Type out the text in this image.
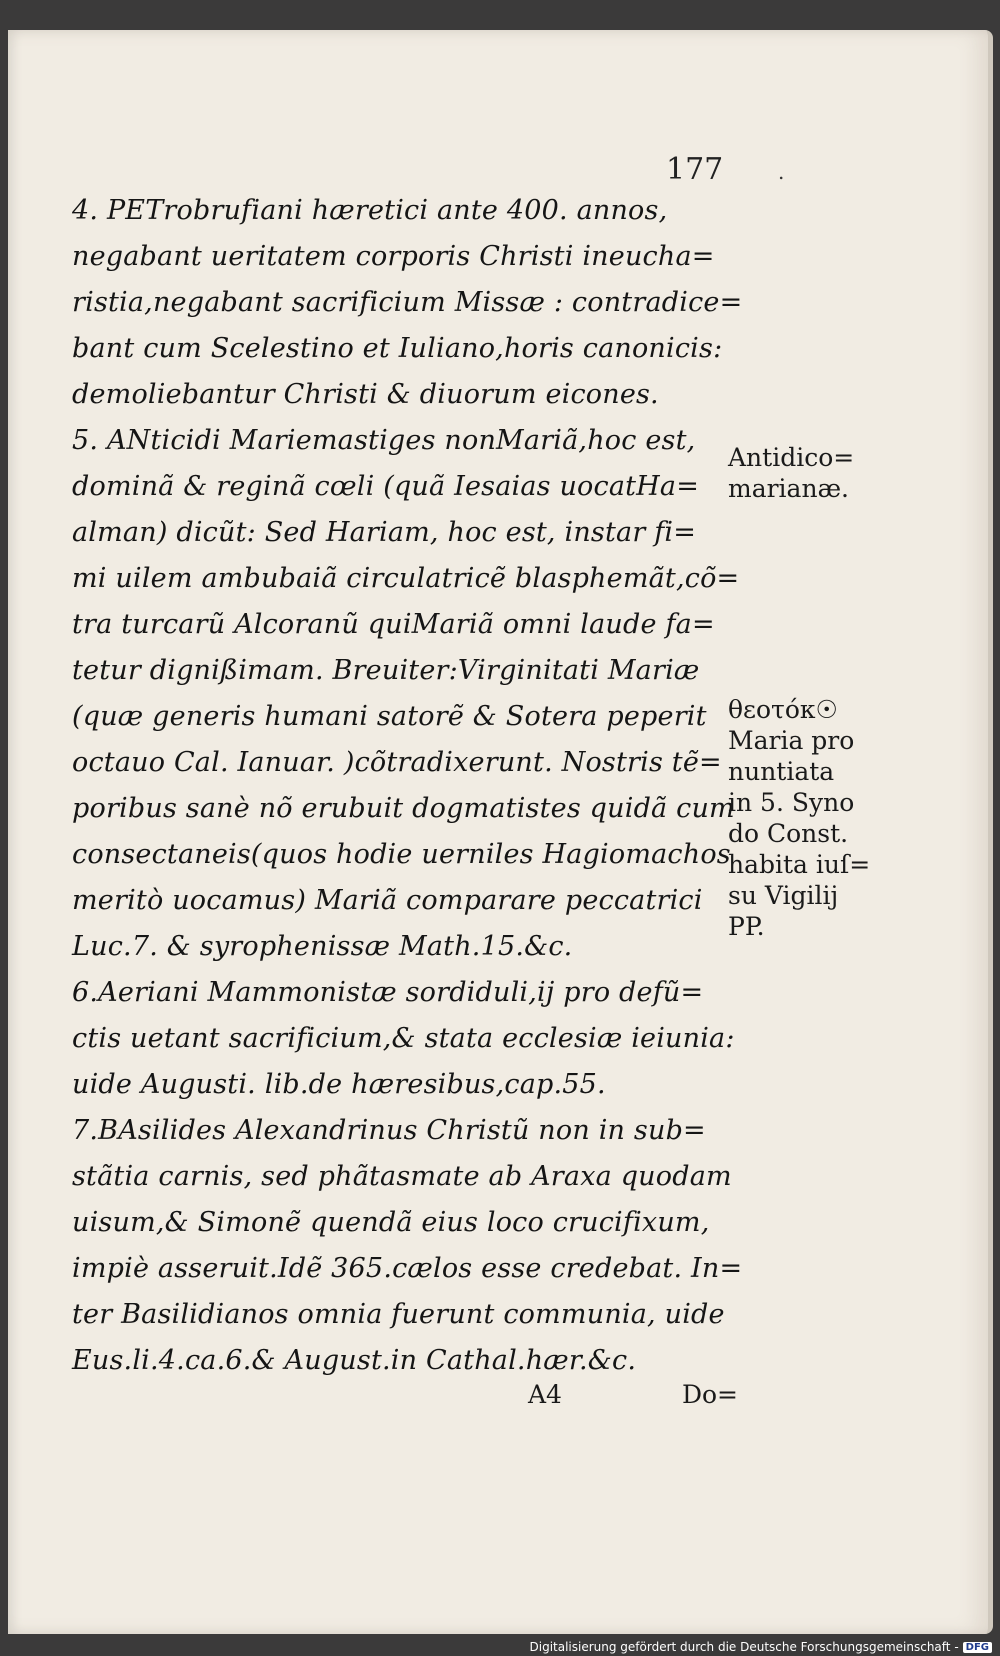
177	.
4. PETrobrufiani hæretici ante 400. annos,
negabant ueritatem corporis Christi ineucha=
ristia,negabant sacrificium Missæ : contradice=
bant cum Scelestino et Iuliano,horis canonicis:
demoliebantur Christi & diuorum eicones.
5. ANticidi Mariemastiges nonMariã,hoc est,
dominã & reginã cœli (quã Iesaias uocatHa=
alman) dicũt: Sed Hariam, hoc est, instar fi=
mi uilem ambubaiã circulatricẽ blasphemãt,cõ=
tra turcarũ Alcoranũ quiMariã omni laude fa=
tetur dignißimam. Breuiter:Virginitati Mariæ
(quæ generis humani satorẽ & Sotera peperit
octauo Cal. Ianuar. )cõtradixerunt. Nostris tẽ=
poribus sanè nõ erubuit dogmatistes quidã cum
consectaneis(quos hodie uerniles Hagiomachos
meritò uocamus) Mariã comparare peccatrici
Luc.7. & syrophenissæ Math.15.&c.
6.Aeriani Mammonistæ sordiduli,ij pro defũ=
ctis uetant sacrificium,& stata ecclesiæ ieiunia:
uide Augusti. lib.de hæresibus,cap.55.
7.BAsilides Alexandrinus Christũ non in sub=
stãtia carnis, sed phãtasmate ab Araxa quodam
uisum,& Simonẽ quendã eius loco crucifixum,
impiè asseruit.Idẽ 365.cælos esse credebat. In=
ter Basilidianos omnia fuerunt communia, uide
Eus.li.4.ca.6.& August.in Cathal.hær.&c.
Antidico=
marianæ.
θεοτόκ☉
Maria pro
nuntiata
in 5. Syno
do Const.
habita iuſ=
su Vigilij
PP.
A4	Do=
Digitalisierung gefördert durch die Deutsche Forschungsgemeinschaft - DFG
